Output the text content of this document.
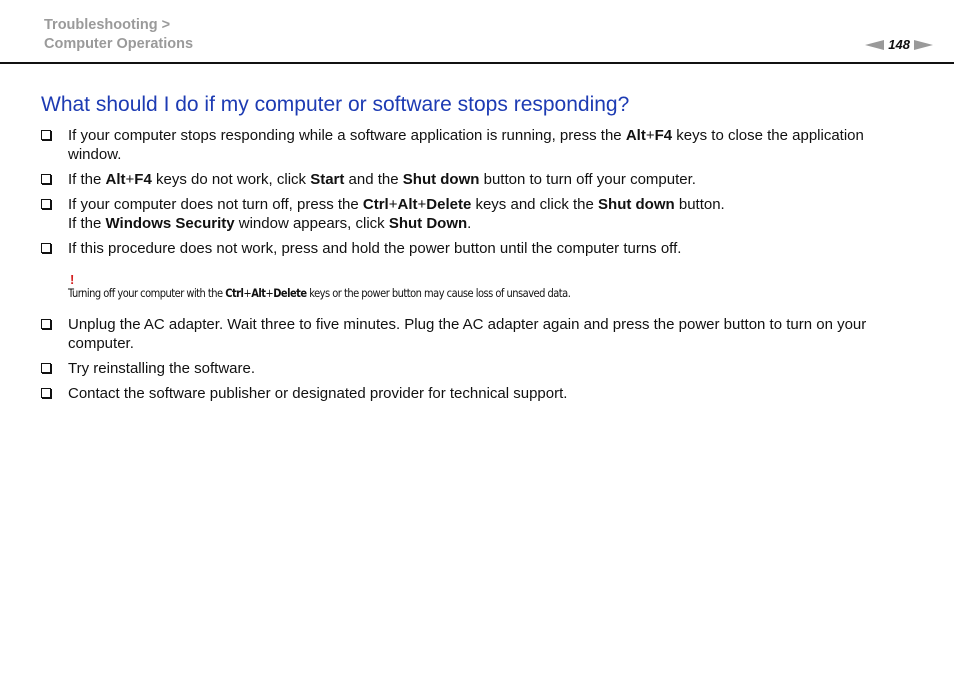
Troubleshooting >
Computer Operations	148
What should I do if my computer or software stops responding?
If your computer stops responding while a software application is running, press the Alt+F4 keys to close the application window.
If the Alt+F4 keys do not work, click Start and the Shut down button to turn off your computer.
If your computer does not turn off, press the Ctrl+Alt+Delete keys and click the Shut down button.
If the Windows Security window appears, click Shut Down.
If this procedure does not work, press and hold the power button until the computer turns off.
!
Turning off your computer with the Ctrl+Alt+Delete keys or the power button may cause loss of unsaved data.
Unplug the AC adapter. Wait three to five minutes. Plug the AC adapter again and press the power button to turn on your computer.
Try reinstalling the software.
Contact the software publisher or designated provider for technical support.
